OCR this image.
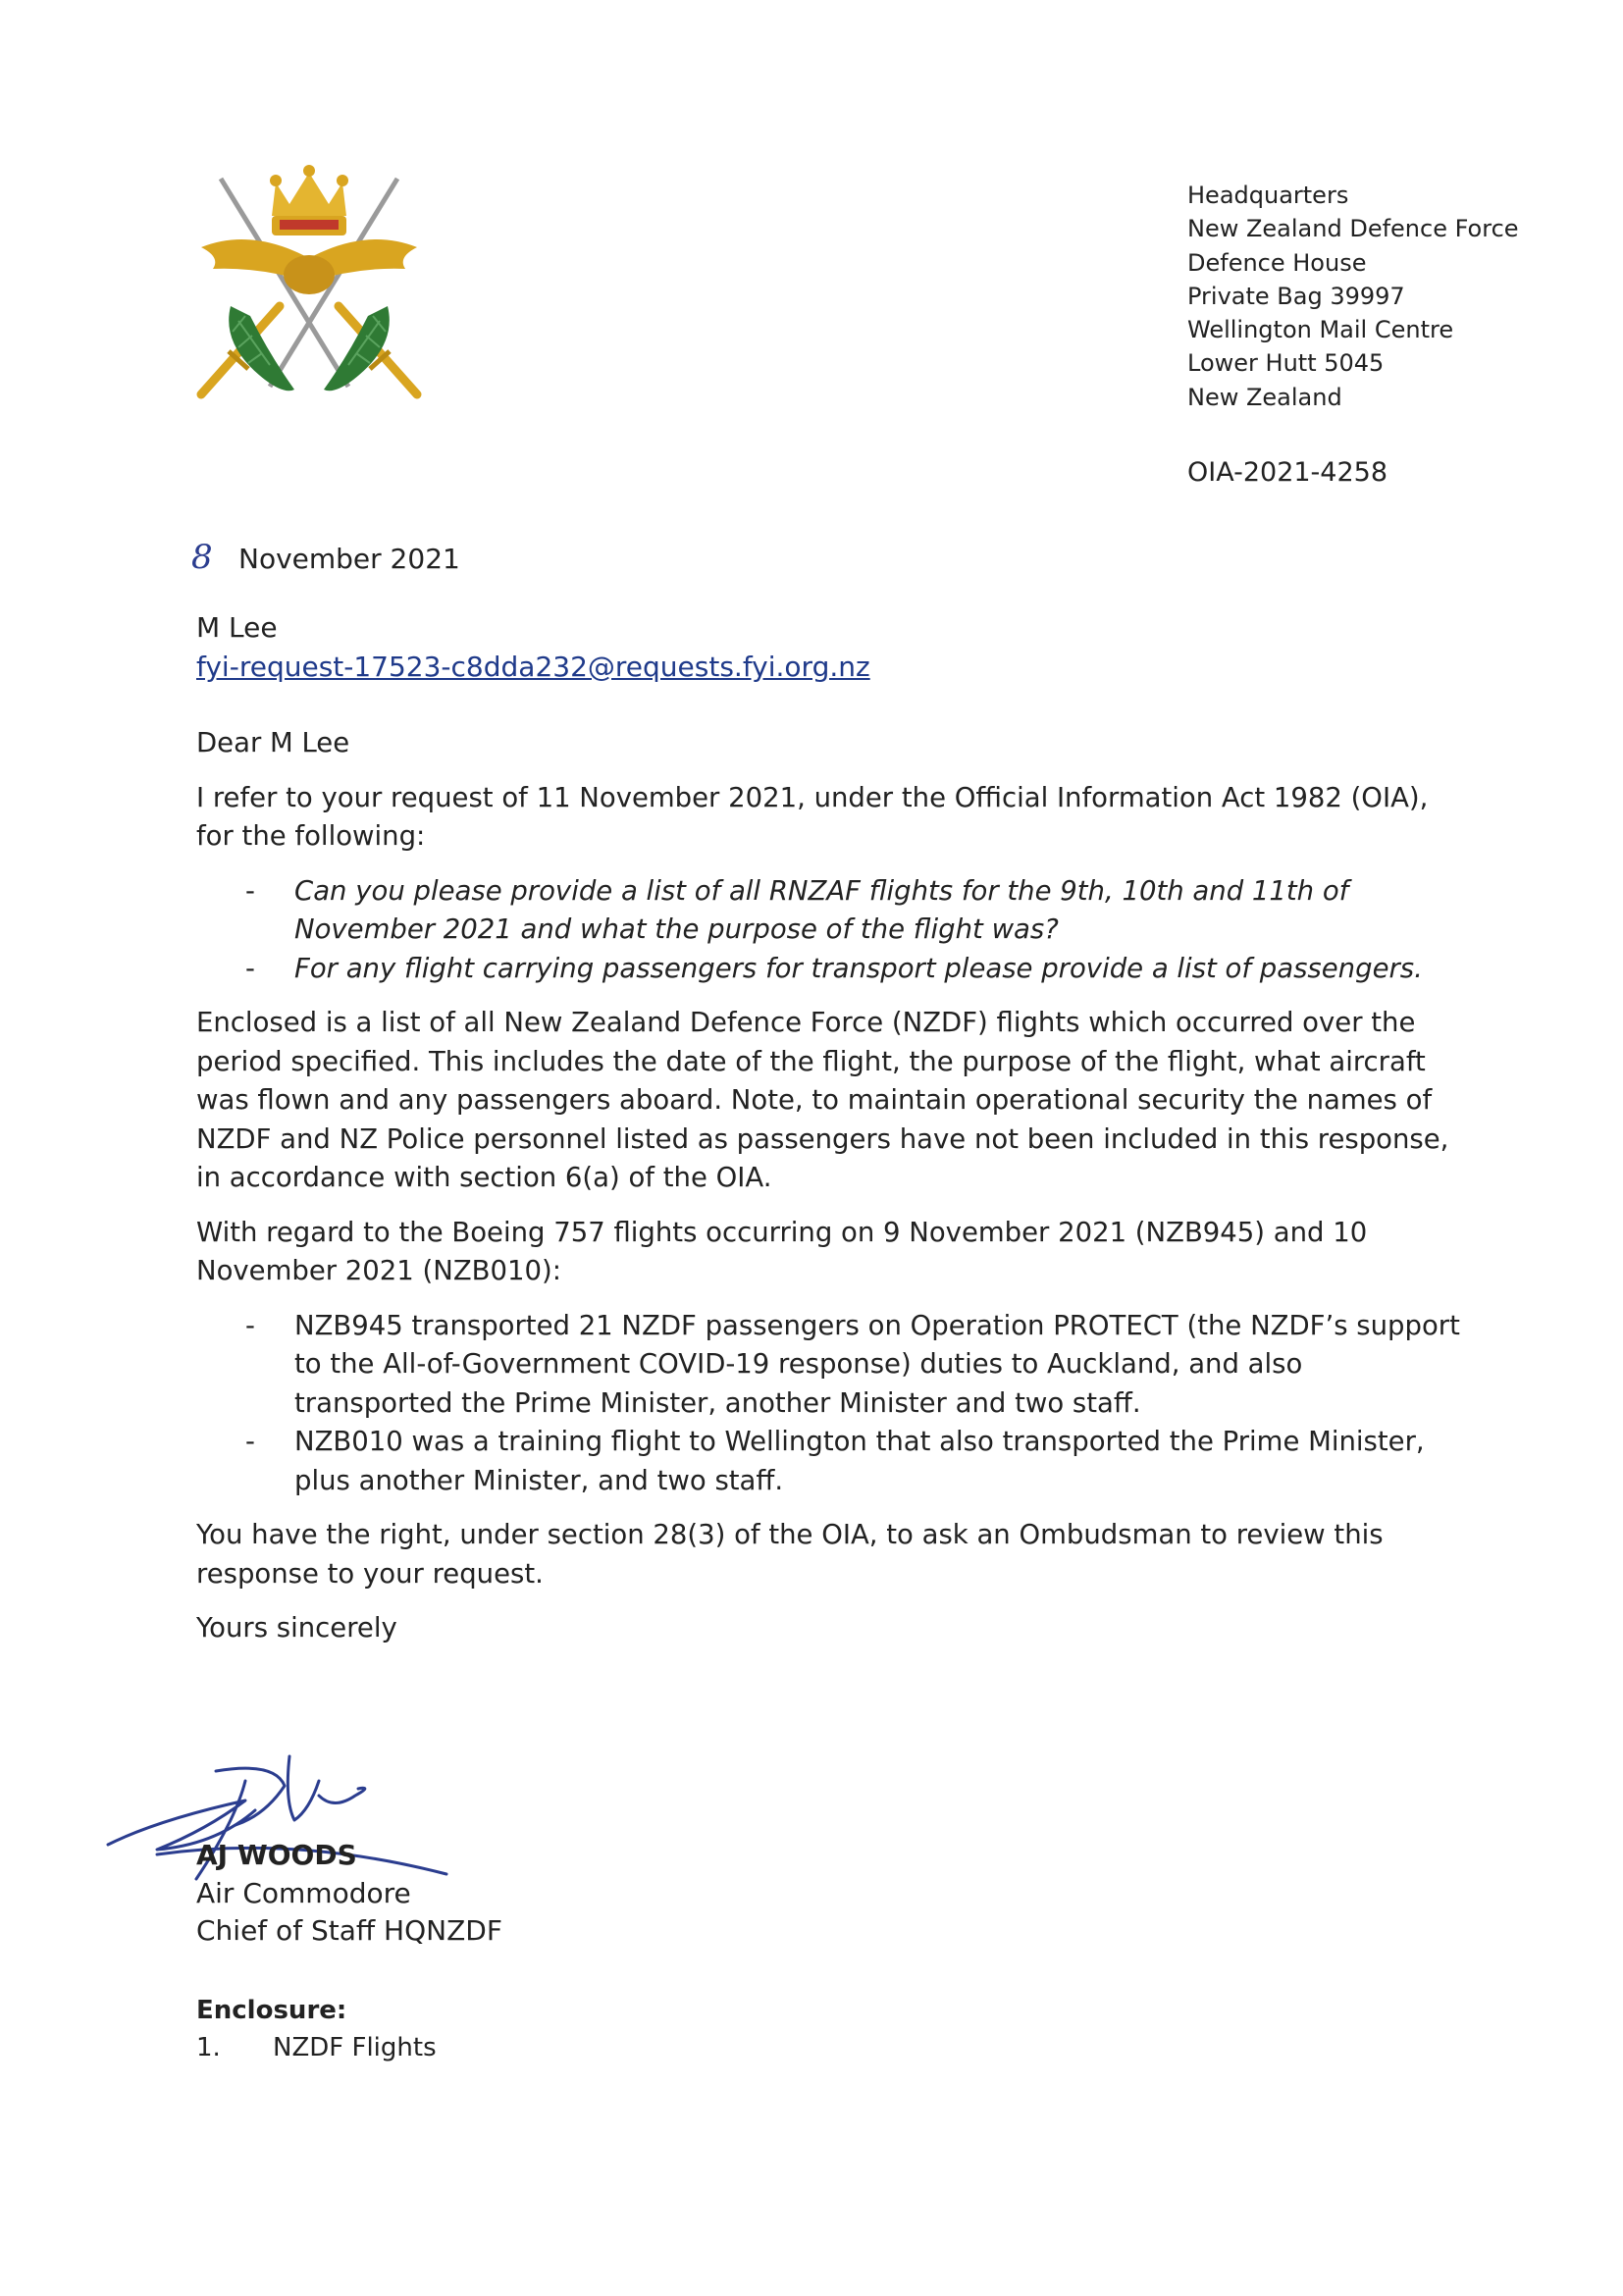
Headquarters
New Zealand Defence Force
Defence House
Private Bag 39997
Wellington Mail Centre
Lower Hutt 5045
New Zealand
OIA-2021-4258
8 November 2021
M Lee
fyi-request-17523-c8dda232@requests.fyi.org.nz

Dear M Lee

I refer to your request of 11 November 2021, under the Official Information Act 1982 (OIA), for the following:

- Can you please provide a list of all RNZAF flights for the 9th, 10th and 11th of November 2021 and what the purpose of the flight was?
- For any flight carrying passengers for transport please provide a list of passengers.

Enclosed is a list of all New Zealand Defence Force (NZDF) flights which occurred over the period specified. This includes the date of the flight, the purpose of the flight, what aircraft was flown and any passengers aboard. Note, to maintain operational security the names of NZDF and NZ Police personnel listed as passengers have not been included in this response, in accordance with section 6(a) of the OIA.

With regard to the Boeing 757 flights occurring on 9 November 2021 (NZB945) and 10 November 2021 (NZB010):

- NZB945 transported 21 NZDF passengers on Operation PROTECT (the NZDF’s support to the All-of-Government COVID-19 response) duties to Auckland, and also transported the Prime Minister, another Minister and two staff.
- NZB010 was a training flight to Wellington that also transported the Prime Minister, plus another Minister, and two staff.

You have the right, under section 28(3) of the OIA, to ask an Ombudsman to review this response to your request.

Yours sincerely

AJ WOODS
Air Commodore
Chief of Staff HQNZDF
Enclosure:
1. NZDF Flights
